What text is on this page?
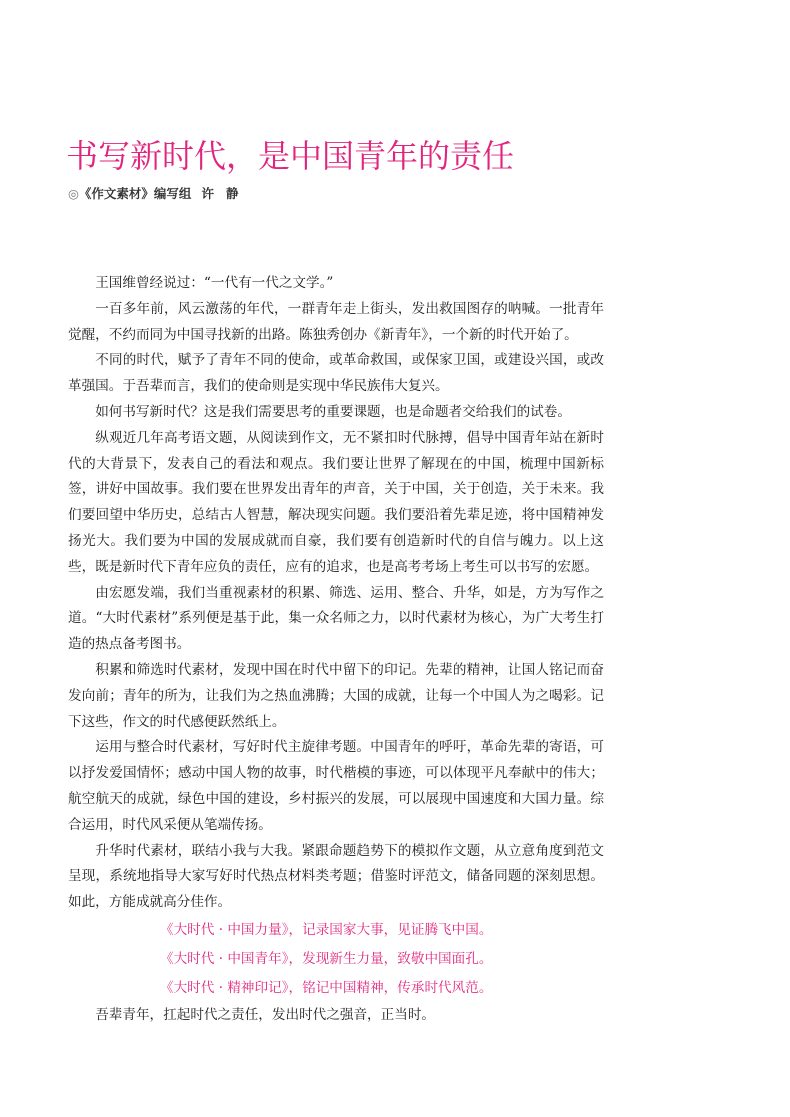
书写新时代，是中国青年的责任
◎《作文素材》编写组 许静

王国维曾经说过：“一代有一代之文学。”

一百多年前，风云激荡的年代，一群青年走上街头，发出救国图存的呐喊。一批青年觉醒，不约而同为中国寻找新的出路。陈独秀创办《新青年》，一个新的时代开始了。

不同的时代，赋予了青年不同的使命，或革命救国，或保家卫国，或建设兴国，或改革强国。于吾辈而言，我们的使命则是实现中华民族伟大复兴。

如何书写新时代？这是我们需要思考的重要课题，也是命题者交给我们的试卷。

纵观近几年高考语文题，从阅读到作文，无不紧扣时代脉搏，倡导中国青年站在新时代的大背景下，发表自己的看法和观点。我们要让世界了解现在的中国，梳理中国新标签，讲好中国故事。我们要在世界发出青年的声音，关于中国，关于创造，关于未来。我们要回望中华历史，总结古人智慧，解决现实问题。我们要沿着先辈足迹，将中国精神发扬光大。我们要为中国的发展成就而自豪，我们要有创造新时代的自信与魄力。以上这些，既是新时代下青年应负的责任，应有的追求，也是高考考场上考生可以书写的宏愿。

由宏愿发端，我们当重视素材的积累、筛选、运用、整合、升华，如是，方为写作之道。“大时代素材”系列便是基于此，集一众名师之力，以时代素材为核心，为广大考生打造的热点备考图书。

积累和筛选时代素材，发现中国在时代中留下的印记。先辈的精神，让国人铭记而奋发向前；青年的所为，让我们为之热血沸腾；大国的成就，让每一个中国人为之喝彩。记下这些，作文的时代感便跃然纸上。

运用与整合时代素材，写好时代主旋律考题。中国青年的呼吁，革命先辈的寄语，可以抒发爱国情怀；感动中国人物的故事，时代楷模的事迹，可以体现平凡奉献中的伟大；航空航天的成就，绿色中国的建设，乡村振兴的发展，可以展现中国速度和大国力量。综合运用，时代风采便从笔端传扬。

升华时代素材，联结小我与大我。紧跟命题趋势下的模拟作文题，从立意角度到范文呈现，系统地指导大家写好时代热点材料类考题；借鉴时评范文，储备同题的深刻思想。如此，方能成就高分佳作。

《大时代 · 中国力量》，记录国家大事，见证腾飞中国。

《大时代 · 中国青年》，发现新生力量，致敬中国面孔。

《大时代 · 精神印记》，铭记中国精神，传承时代风范。

吾辈青年，扛起时代之责任，发出时代之强音，正当时。
